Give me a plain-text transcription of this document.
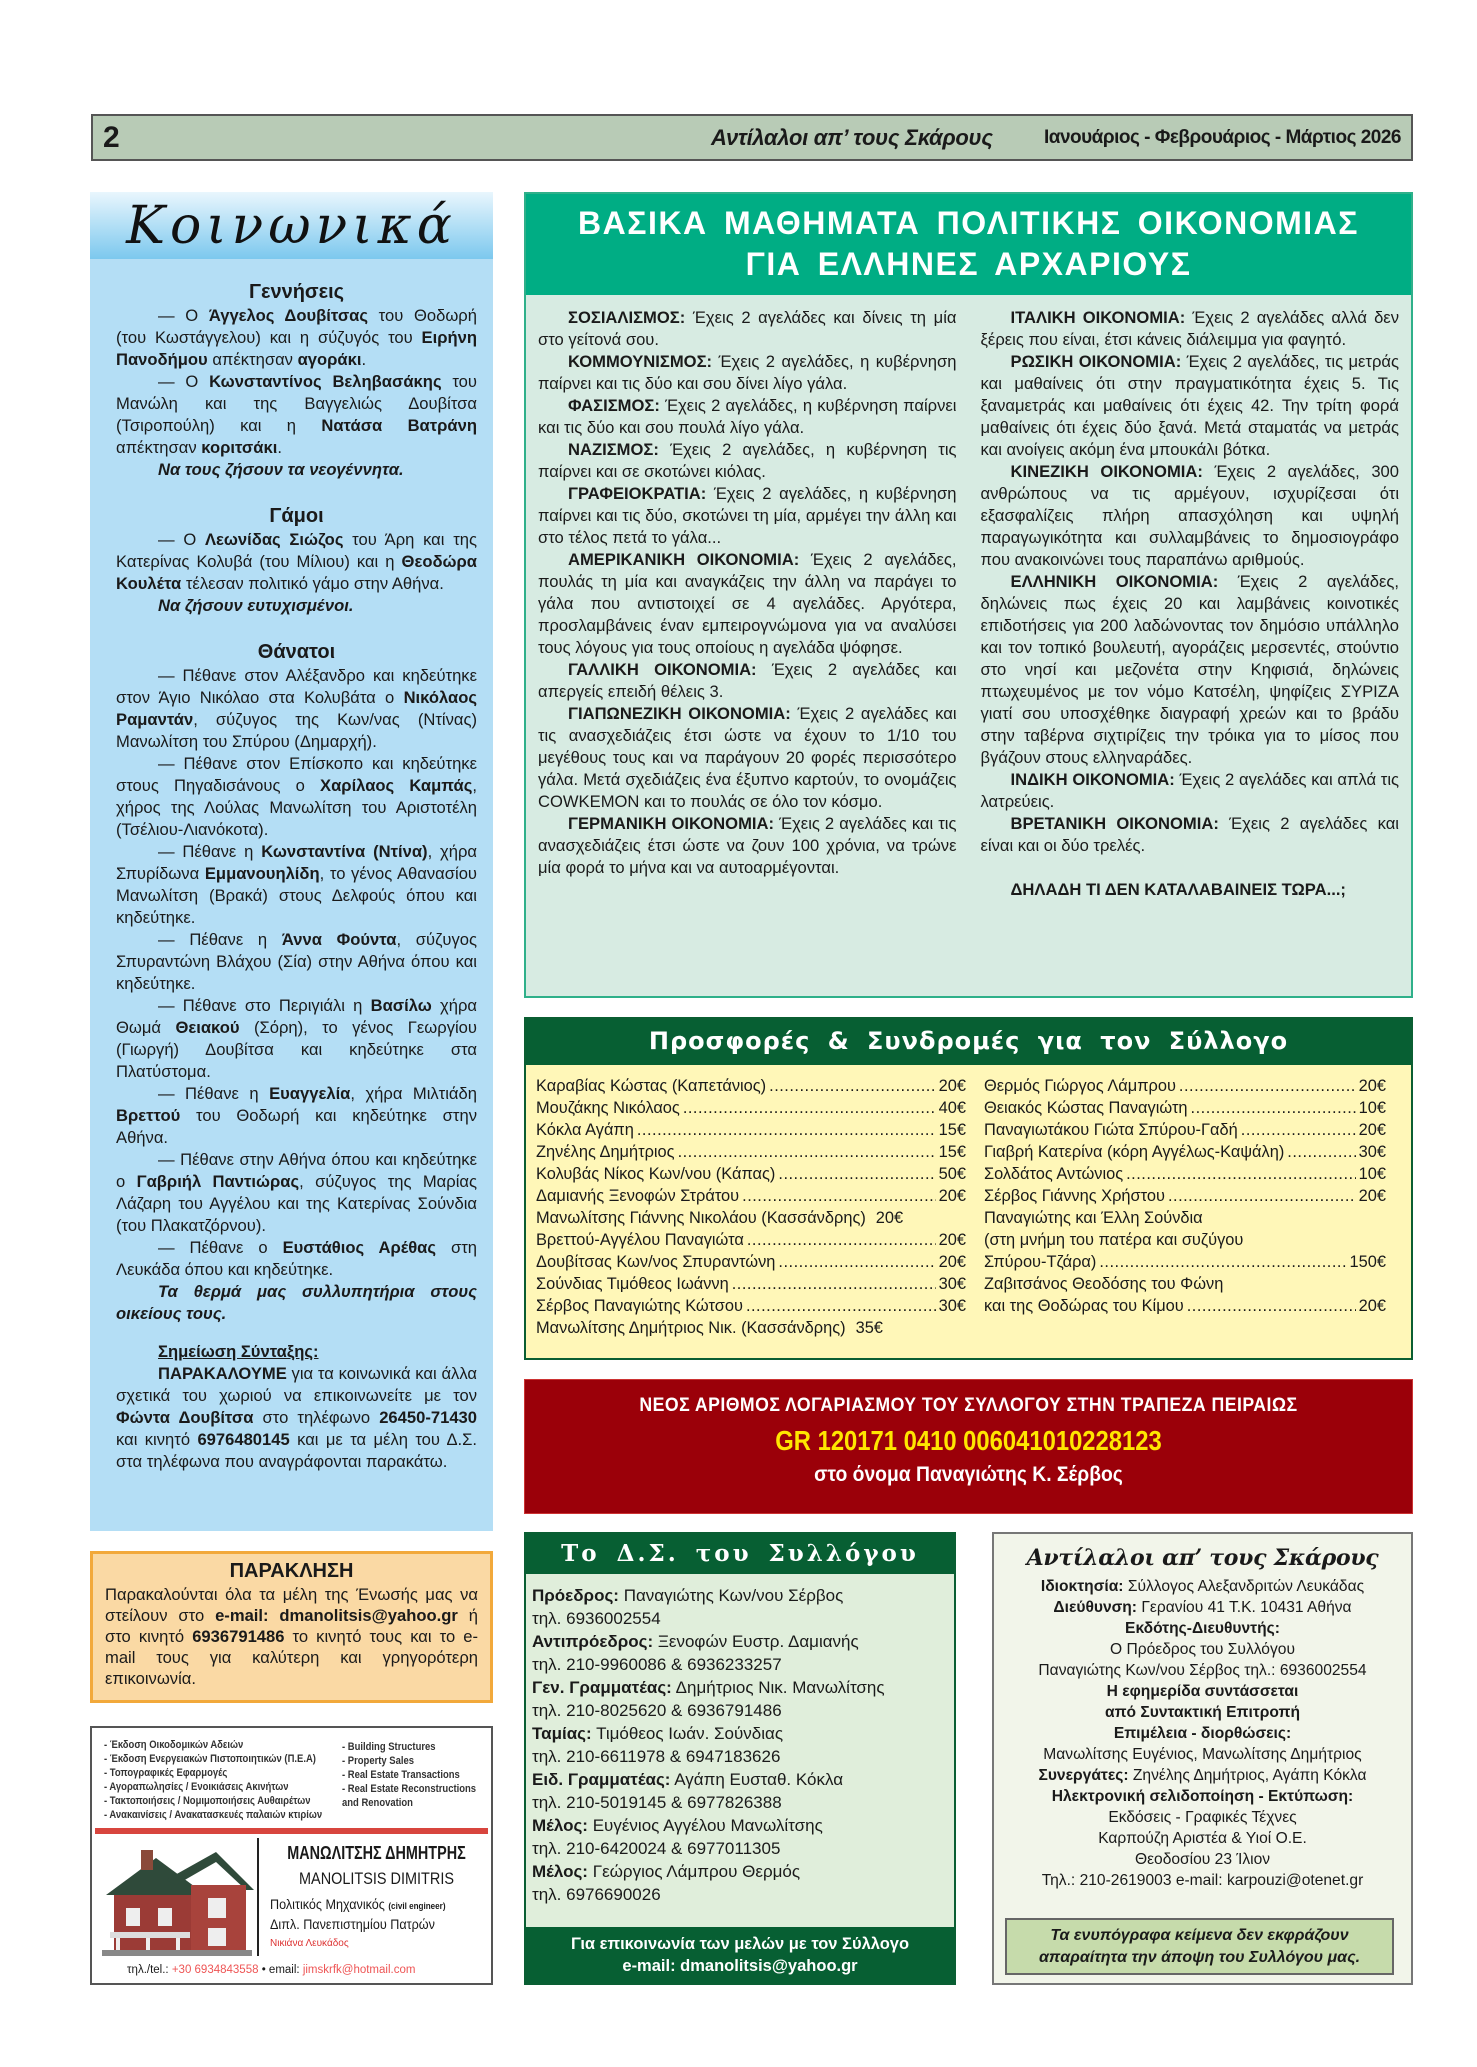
2	Αντίλαλοι απ’ τους Σκάρους	Ιανουάριος - Φεβρουάριος - Μάρτιος 2026
Κοινωνικά
Γεννήσεις

— Ο Άγγελος Δουβίτσας του Θοδωρή (του Κωστάγγελου) και η σύζυγός του Ειρήνη Πανοδήμου απέκτησαν αγοράκι.

— Ο Κωνσταντίνος Βεληβασάκης του Μανώλη και της Βαγγελιώς Δουβίτσα (Τσιροπούλη) και η Νατάσα Βατράνη απέκτησαν κοριτσάκι.

Να τους ζήσουν τα νεογέννητα.

Γάμοι

— Ο Λεωνίδας Σιώζος του Άρη και της Κατερίνας Κολυβά (του Μίλιου) και η Θεοδώρα Κουλέτα τέλεσαν πολιτικό γάμο στην Αθήνα.

Να ζήσουν ευτυχισμένοι.

Θάνατοι

— Πέθανε στον Αλέξανδρο και κηδεύτηκε στον Άγιο Νικόλαο στα Κολυβάτα ο Νικόλαος Ραμαντάν, σύζυγος της Κων/νας (Ντίνας) Μανωλίτση του Σπύρου (Δημαρχή).

— Πέθανε στον Επίσκοπο και κηδεύτηκε στους Πηγαδισάνους ο Χαρίλαος Καμπάς, χήρος της Λούλας Μανωλίτση του Αριστοτέλη (Τσέλιου-Λιανόκοτα).

— Πέθανε η Κωνσταντίνα (Ντίνα), χήρα Σπυρίδωνα Εμμανουηλίδη, το γένος Αθανασίου Μανωλίτση (Βρακά) στους Δελφούς όπου και κηδεύτηκε.

— Πέθανε η Άννα Φούντα, σύζυγος Σπυραντώνη Βλάχου (Σία) στην Αθήνα όπου και κηδεύτηκε.

— Πέθανε στο Περιγιάλι η Βασίλω χήρα Θωμά Θειακού (Σόρη), το γένος Γεωργίου (Γιωργή) Δουβίτσα και κηδεύτηκε στα Πλατύστομα.

— Πέθανε η Ευαγγελία, χήρα Μιλτιάδη Βρεττού του Θοδωρή και κηδεύτηκε στην Αθήνα.

— Πέθανε στην Αθήνα όπου και κηδεύτηκε ο Γαβριήλ Παντιώρας, σύζυγος της Μαρίας Λάζαρη του Αγγέλου και της Κατερίνας Σούνδια (του Πλακατζόρνου).

— Πέθανε ο Ευστάθιος Αρέθας στη Λευκάδα όπου και κηδεύτηκε.

Τα θερμά μας συλλυπητήρια στους οικείους τους.

Σημείωση Σύνταξης:

ΠΑΡΑΚΑΛΟΥΜΕ για τα κοινωνικά και άλλα σχετικά του χωριού να επικοινωνείτε με τον Φώντα Δουβίτσα στο τηλέφωνο 26450-71430 και κινητό 6976480145 και με τα μέλη του Δ.Σ. στα τηλέφωνα που αναγράφονται παρακάτω.

ΠΑΡΑΚΛΗΣΗ

Παρακαλούνται όλα τα μέλη της Ένωσής μας να στείλουν στο e-mail: dmanolitsis@yahoo.gr ή στο κινητό 6936791486 το κινητό τους και το e-mail τους για καλύτερη και γρηγορότερη επικοινωνία.

- Έκδοση Οικοδομικών Αδειών
- Έκδοση Ενεργειακών Πιστοποιητικών (Π.Ε.Α)
- Τοπογραφικές Εφαρμογές
- Αγοραπωλησίες / Ενοικιάσεις Ακινήτων
- Τακτοποιήσεις / Νομιμοποιήσεις Αυθαιρέτων
- Ανακαινίσεις / Ανακατασκευές παλαιών κτιρίων
- Building Structures
- Property Sales
- Real Estate Transactions
- Real Estate Reconstructions
and Renovation
ΜΑΝΩΛΙΤΣΗΣ ΔΗΜΗΤΡΗΣ
MANOLITSIS DIMITRIS
Πολιτικός Μηχανικός (civil engineer)
Διπλ. Πανεπιστημίου Πατρών
Νικιάνα Λευκάδος
τηλ./tel.: +30 6934843558 • email: jimskrfk@hotmail.com
ΒΑΣΙΚΑ ΜΑΘΗΜΑΤΑ ΠΟΛΙΤΙΚΗΣ ΟΙΚΟΝΟΜΙΑΣ
ΓΙΑ ΕΛΛΗΝΕΣ ΑΡΧΑΡΙΟΥΣ

ΣΟΣΙΑΛΙΣΜΟΣ: Έχεις 2 αγελάδες και δίνεις τη μία στο γείτονά σου.

ΚΟΜΜΟΥΝΙΣΜΟΣ: Έχεις 2 αγελάδες, η κυβέρνηση παίρνει και τις δύο και σου δίνει λίγο γάλα.

ΦΑΣΙΣΜΟΣ: Έχεις 2 αγελάδες, η κυβέρνηση παίρνει και τις δύο και σου πουλά λίγο γάλα.

ΝΑΖΙΣΜΟΣ: Έχεις 2 αγελάδες, η κυβέρνηση τις παίρνει και σε σκοτώνει κιόλας.

ΓΡΑΦΕΙΟΚΡΑΤΙΑ: Έχεις 2 αγελάδες, η κυβέρνηση παίρνει και τις δύο, σκοτώνει τη μία, αρμέγει την άλλη και στο τέλος πετά το γάλα...

ΑΜΕΡΙΚΑΝΙΚΗ ΟΙΚΟΝΟΜΙΑ: Έχεις 2 αγελάδες, πουλάς τη μία και αναγκάζεις την άλλη να παράγει το γάλα που αντιστοιχεί σε 4 αγελάδες. Αργότερα, προσλαμβάνεις έναν εμπειρογνώμονα για να αναλύσει τους λόγους για τους οποίους η αγελάδα ψόφησε.

ΓΑΛΛΙΚΗ ΟΙΚΟΝΟΜΙΑ: Έχεις 2 αγελάδες και απεργείς επειδή θέλεις 3.

ΓΙΑΠΩΝΕΖΙΚΗ ΟΙΚΟΝΟΜΙΑ: Έχεις 2 αγελάδες και τις ανασχεδιάζεις έτσι ώστε να έχουν το 1/10 του μεγέθους τους και να παράγουν 20 φορές περισσότερο γάλα. Μετά σχεδιάζεις ένα έξυπνο καρτούν, το ονομάζεις COWKEMON και το πουλάς σε όλο τον κόσμο.

ΓΕΡΜΑΝΙΚΗ ΟΙΚΟΝΟΜΙΑ: Έχεις 2 αγελάδες και τις ανασχεδιάζεις έτσι ώστε να ζουν 100 χρόνια, να τρώνε μία φορά το μήνα και να αυτοαρμέγονται.

ΙΤΑΛΙΚΗ ΟΙΚΟΝΟΜΙΑ: Έχεις 2 αγελάδες αλλά δεν ξέρεις που είναι, έτσι κάνεις διάλειμμα για φαγητό.

ΡΩΣΙΚΗ ΟΙΚΟΝΟΜΙΑ: Έχεις 2 αγελάδες, τις μετράς και μαθαίνεις ότι στην πραγματικότητα έχεις 5. Τις ξαναμετράς και μαθαίνεις ότι έχεις 42. Την τρίτη φορά μαθαίνεις ότι έχεις δύο ξανά. Μετά σταματάς να μετράς και ανοίγεις ακόμη ένα μπουκάλι βότκα.

ΚΙΝΕΖΙΚΗ ΟΙΚΟΝΟΜΙΑ: Έχεις 2 αγελάδες, 300 ανθρώπους να τις αρμέγουν, ισχυρίζεσαι ότι εξασφαλίζεις πλήρη απασχόληση και υψηλή παραγωγικότητα και συλλαμβάνεις το δημοσιογράφο που ανακοινώνει τους παραπάνω αριθμούς.

ΕΛΛΗΝΙΚΗ ΟΙΚΟΝΟΜΙΑ: Έχεις 2 αγελάδες, δηλώνεις πως έχεις 20 και λαμβάνεις κοινοτικές επιδοτήσεις για 200 λαδώνοντας τον δημόσιο υπάλληλο και τον τοπικό βουλευτή, αγοράζεις μερσεντές, στούντιο στο νησί και μεζονέτα στην Κηφισιά, δηλώνεις πτωχευμένος με τον νόμο Κατσέλη, ψηφίζεις ΣΥΡΙΖΑ γιατί σου υποσχέθηκε διαγραφή χρεών και το βράδυ στην ταβέρνα σιχτιρίζεις την τρόικα για το μίσος που βγάζουν στους ελληναράδες.

ΙΝΔΙΚΗ ΟΙΚΟΝΟΜΙΑ: Έχεις 2 αγελάδες και απλά τις λατρεύεις.

ΒΡΕΤΑΝΙΚΗ ΟΙΚΟΝΟΜΙΑ: Έχεις 2 αγελάδες και είναι και οι δύο τρελές.

ΔΗΛΑΔΗ ΤΙ ΔΕΝ ΚΑΤΑΛΑΒΑΙΝΕΙΣ ΤΩΡΑ...;

Προσφορές & Συνδρομές για τον Σύλλογο
Καραβίας Κώστας (Καπετάνιος) .....	20€
Μουζάκης Νικόλαος .....	40€
Κόκλα Αγάπη .....	15€
Ζηνέλης Δημήτριος .....	15€
Κολυβάς Νίκος Κων/νου (Κάπας) .....	50€
Δαμιανής Ξενοφών Στράτου .....	20€
Μανωλίτσης Γιάννης Νικολάου (Κασσάνδρης) 20€
Βρεττού-Αγγέλου Παναγιώτα .....	20€
Δουβίτσας Κων/νος Σπυραντώνη .....	20€
Σούνδιας Τιμόθεος Ιωάννη .....	30€
Σέρβος Παναγιώτης Κώτσου .....	30€
Μανωλίτσης Δημήτριος Νικ. (Κασσάνδρης) 35€
Θερμός Γιώργος Λάμπρου .....	20€
Θειακός Κώστας Παναγιώτη .....	10€
Παναγιωτάκου Γιώτα Σπύρου-Γαδή .....	20€
Γιαβρή Κατερίνα (κόρη Αγγέλως-Καψάλη) .....	30€
Σολδάτος Αντώνιος .....	10€
Σέρβος Γιάννης Χρήστου .....	20€
Παναγιώτης και Έλλη Σούνδια
(στη μνήμη του πατέρα και συζύγου
Σπύρου-Τζάρα) .....	150€
Ζαβιτσάνος Θεοδόσης του Φώνη
και της Θοδώρας του Κίμου .....	20€
ΝΕΟΣ ΑΡΙΘΜΟΣ ΛΟΓΑΡΙΑΣΜΟΥ ΤΟΥ ΣΥΛΛΟΓΟΥ ΣΤΗΝ ΤΡΑΠΕΖΑ ΠΕΙΡΑΙΩΣ
GR 120171 0410 006041010228123
στο όνομα Παναγιώτης Κ. Σέρβος
Το Δ.Σ. του Συλλόγου
Πρόεδρος: Παναγιώτης Κων/νου Σέρβος
τηλ. 6936002554
Αντιπρόεδρος: Ξενοφών Ευστρ. Δαμιανής
τηλ. 210-9960086 & 6936233257
Γεν. Γραμματέας: Δημήτριος Νικ. Μανωλίτσης
τηλ. 210-8025620 & 6936791486
Ταμίας: Τιμόθεος Ιωάν. Σούνδιας
τηλ. 210-6611978 & 6947183626
Ειδ. Γραμματέας: Αγάπη Ευσταθ. Κόκλα
τηλ. 210-5019145 & 6977826388
Μέλος: Ευγένιος Αγγέλου Μανωλίτσης
τηλ. 210-6420024 & 6977011305
Μέλος: Γεώργιος Λάμπρου Θερμός
τηλ. 6976690026
Για επικοινωνία των μελών με τον Σύλλογο
e-mail: dmanolitsis@yahoo.gr
Αντίλαλοι απ’ τους Σκάρους
Ιδιοκτησία: Σύλλογος Αλεξανδριτών Λευκάδας
Διεύθυνση: Γερανίου 41 Τ.Κ. 10431 Αθήνα
Εκδότης-Διευθυντής:
Ο Πρόεδρος του Συλλόγου
Παναγιώτης Κων/νου Σέρβος τηλ.: 6936002554
Η εφημερίδα συντάσσεται
από Συντακτική Επιτροπή
Επιμέλεια - διορθώσεις:
Μανωλίτσης Ευγένιος, Μανωλίτσης Δημήτριος
Συνεργάτες: Ζηνέλης Δημήτριος, Αγάπη Κόκλα
Ηλεκτρονική σελιδοποίηση - Εκτύπωση:
Εκδόσεις - Γραφικές Τέχνες
Καρπούζη Αριστέα & Υιοί Ο.Ε.
Θεοδοσίου 23 Ίλιον
Τηλ.: 210-2619003 e-mail: karpouzi@otenet.gr
Τα ενυπόγραφα κείμενα δεν εκφράζουν
απαραίτητα την άποψη του Συλλόγου μας.
